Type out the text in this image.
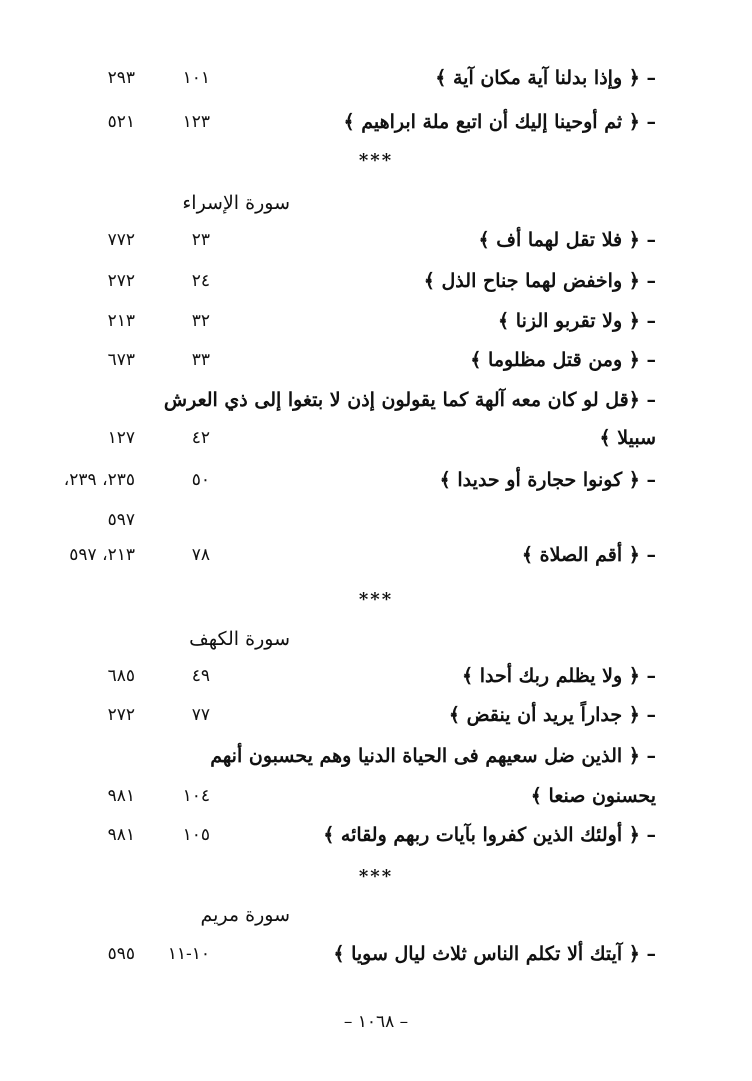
– ﴿ وإذا بدلنا آية مكان آية ﴾
١٠١
٢٩٣
– ﴿ ثم أوحينا إليك أن اتبع ملة ابراهيم ﴾
١٢٣
٥٢١
***
سورة الإسراء
– ﴿ فلا تقل لهما أف ﴾
٢٣
٧٧٢
– ﴿ واخفض لهما جناح الذل ﴾
٢٤
٢٧٢
– ﴿ ولا تقربو الزنا ﴾
٣٢
٢١٣
– ﴿ ومن قتل مظلوما ﴾
٣٣
٦٧٣
– ﴿قل لو كان معه آلهة كما يقولون إذن لا بتغوا إلى ذي العرش
سبيلا ﴾
٤٢
١٢٧
– ﴿ كونوا حجارة أو حديدا ﴾
٥٠
٢٣٥، ٢٣٩،
٥٩٧
– ﴿ أقم الصلاة ﴾
٧٨
٢١٣، ٥٩٧
***
سورة الكهف
– ﴿ ولا يظلم ربك أحدا ﴾
٤٩
٦٨٥
– ﴿ جداراً يريد أن ينقض ﴾
٧٧
٢٧٢
– ﴿ الذين ضل سعيهم فى الحياة الدنيا وهم يحسبون أنهم
يحسنون صنعا ﴾
١٠٤
٩٨١
– ﴿ أولئك الذين كفروا بآيات ربهم ولقائه ﴾
١٠٥
٩٨١
***
سورة مريم
– ﴿ آيتك ألا تكلم الناس ثلاث ليال سويا ﴾
١٠-١١
٥٩٥
– ١٠٦٨ –
